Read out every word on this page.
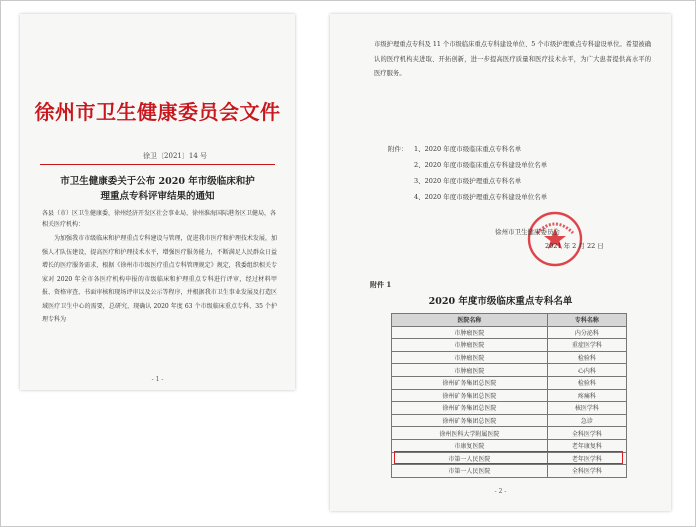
徐州市卫生健康委员会文件
徐卫〔2021〕14 号
市卫生健康委关于公布 2020 年市级临床和护
理重点专科评审结果的通知
各县（市）区卫生健康委，徐州经济开发区社会事业局、徐州淮海国际港务区卫健局，各相关医疗机构：
为加强我市市级临床和护理重点专科建设与管理，促进我市医疗和护理技术发展，加强人才队伍建设，提高医疗和护理技术水平，增强医疗服务能力，不断满足人民群众日益增长的医疗服务需求，根据《徐州市市级医疗重点专科管理规定》规定，我委组织相关专家对 2020 年全市各医疗机构申报的市级临床和护理重点专科进行评审，经过材料甲报、资格审查、书面审核和现场评审以及公示等程序，并根据我市卫生事业发展及打造区域医疗卫生中心的需要，总研究，现确认 2020 年度 63 个市级临床重点专科、35 个护理专科为
- 1 -
市级护理重点专科及 11 个市级临床重点专科建设单位、5 个市级护理重点专科建设单位。希望被确认的医疗机构夹进取、开拓创新，进一步提高医疗质量和医疗技术水平，为广大患者提供高水平的医疗服务。
附件： 1、2020 年度市级临床重点专科名单
2、2020 年度市级临床重点专科建设单位名单
3、2020 年度市级护理重点专科名单
4、2020 年度市级护理重点专科建设单位名单
徐州市卫生健康委员会
2021 年 2 月 22 日
附件 1
2020 年度市级临床重点专科名单
医院名称	专科名称
市肿瘤医院	内分泌科
市肿瘤医院	重症医学科
市肿瘤医院	检验科
市肿瘤医院	心内科
徐州矿务集团总医院	检验科
徐州矿务集团总医院	疼痛科
徐州矿务集团总医院	核医学科
徐州矿务集团总医院	急诊
徐州医科大学附属医院	全科医学科
市康复医院	老年康复科
市第一人民医院	老年医学科
市第一人民医院	全科医学科
- 2 -
